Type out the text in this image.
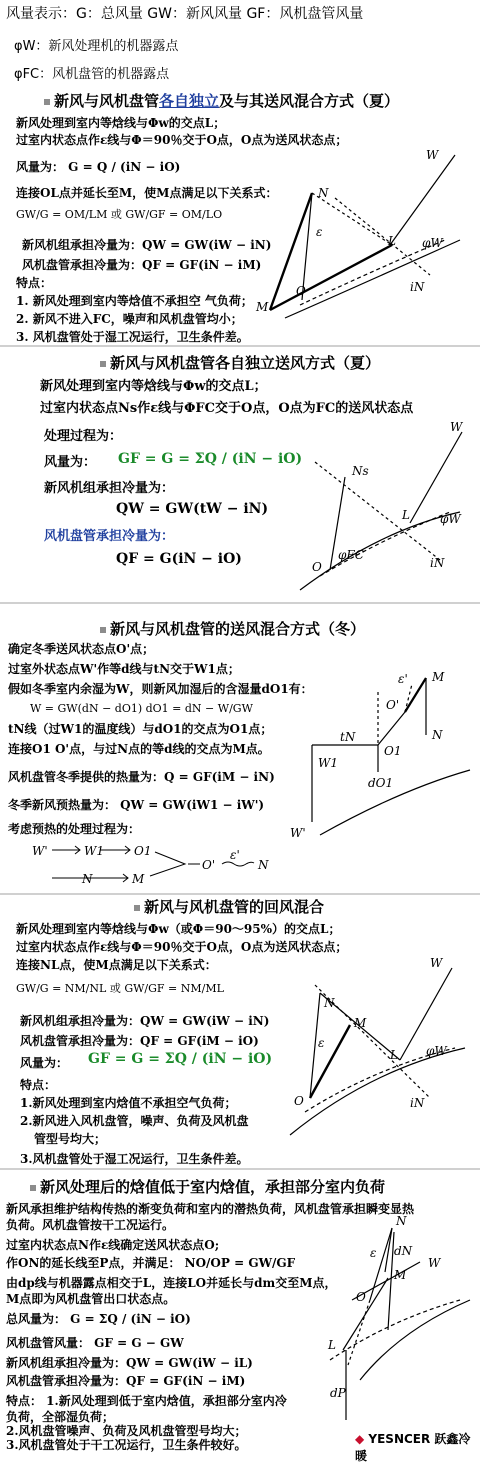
风量表示：G：总风量 GW：新风风量 GF：风机盘管风量
φW：新风处理机的机器露点
φFC：风机盘管的机器露点
新风与风机盘管各自独立及与其送风混合方式（夏）
新风处理到室内等焓线与Φw的交点L；
过室内状态点作ε线与Φ＝90％交于O点，O点为送风状态点；
风量为： G = Q / (iN − iO)
连接OL点并延长至M，使M点满足以下关系式：
GW/G = OM/LM 或 GW/GF = OM/LO
新风机组承担冷量为：QW = GW(iW − iN)
风机盘管承担冷量为：QF = GF(iN − iM)
特点：
1. 新风处理到室内等焓值不承担空 气负荷；
2. 新风不进入FC，噪声和风机盘管均小；
3. 风机盘管处于湿工况运行，卫生条件差。
W
N
ε
L φW
O
M
iN
新风与风机盘管各自独立送风方式（夏）
新风处理到室内等焓线与Φw的交点L；
过室内状态点Ns作ε线与ΦFC交于O点，O点为FC的送风状态点
处理过程为：
风量为： GF = G = ΣQ / (iN − iO)
新风机组承担冷量为：
QW = GW(tW − iN)
风机盘管承担冷量为：
QF = G(iN − iO)
W
Ns
L	φW
O
φFC
iN
新风与风机盘管的送风混合方式（冬）
确定冬季送风状态点O'点；
过室外状态点W'作等d线与tN交于W1点；
假如冬季室内余湿为W，则新风加湿后的含湿量dO1有：
W = GW(dN − dO1) dO1 = dN − W/GW
tN线（过W1的温度线）与dO1的交点为O1点；
连接O1 O'点，与过N点的等d线的交点为M点。
风机盘管冬季提供的热量为：Q = GF(iM − iN)
冬季新风预热量为： QW = GW(iW1 − iW')
考虑预热的处理过程为：
W'	W1	O1
N	M
O'
ε'
N
ε' M
O'
N
tN
O1
W1
dO1
W'
新风与风机盘管的回风混合
新风处理到室内等焓线与Φw（或Φ＝90～95%）的交点L；
过室内状态点作ε线与Φ＝90％交于O点，O点为送风状态点；
连接NL点，使M点满足以下关系式：
GW/G = NM/NL 或 GW/GF = NM/ML
新风机组承担冷量为：QW = GW(iW − iN)
风机盘管承担冷量为：QF = GF(iM − iO)
风量为： GF = G = ΣQ / (iN − iO)
特点：
1.新风处理到室内焓值不承担空气负荷；
2.新风进入风机盘管，噪声、负荷及风机盘
管型号均大；
3.风机盘管处于湿工况运行，卫生条件差。
W
N
M
ε
L φW
O	iN
新风处理后的焓值低于室内焓值，承担部分室内负荷
新风承担维护结构传热的渐变负荷和室内的潜热负荷，风机盘管承担瞬变显热
负荷。风机盘管按干工况运行。
过室内状态点N作ε线确定送风状态点O;
作ON的延长线至P点，并满足： NO/OP = GW/GF
由dp线与机器露点相交于L，连接LO并延长与dm交至M点，
M点即为风机盘管出口状态点。
总风量为： G = ΣQ / (iN − iO)
风机盘管风量： GF = G − GW
新风机组承担冷量为：QW = GW(iW − iL)
风机盘管承担冷量为：QF = GF(iN − iM)
特点： 1.新风处理到低于室内焓值，承担部分室内冷
负荷，全部湿负荷；
2.风机盘管噪声、负荷及风机盘管型号均大；
3.风机盘管处于干工况运行，卫生条件较好。
N
ε dN
W
O
M
L
dP
◆ YESNCER 跃鑫冷暖
